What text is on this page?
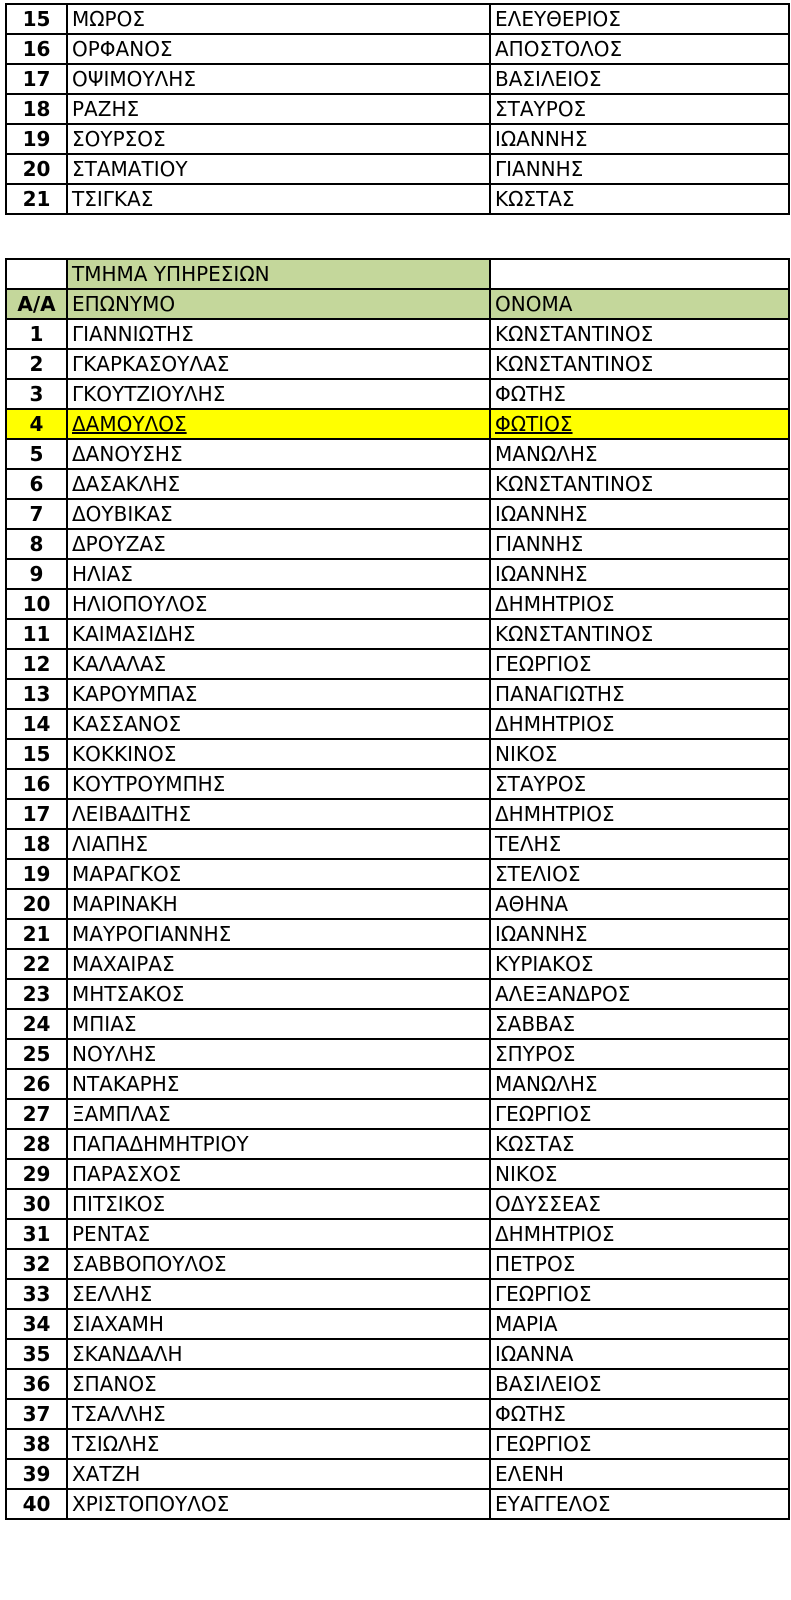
15	ΜΩΡΟΣ	ΕΛΕΥΘΕΡΙΟΣ
16	ΟΡΦΑΝΟΣ	ΑΠΟΣΤΟΛΟΣ
17	ΟΨΙΜΟΥΛΗΣ	ΒΑΣΙΛΕΙΟΣ
18	ΡΑΖΗΣ	ΣΤΑΥΡΟΣ
19	ΣΟΥΡΣΟΣ	ΙΩΑΝΝΗΣ
20	ΣΤΑΜΑΤΙΟΥ	ΓΙΑΝΝΗΣ
21	ΤΣΙΓΚΑΣ	ΚΩΣΤΑΣ
	ΤΜΗΜΑ ΥΠΗΡΕΣΙΩΝ	
Α/Α	ΕΠΩΝΥΜΟ	ΟΝΟΜΑ
1	ΓΙΑΝΝΙΩΤΗΣ	ΚΩΝΣΤΑΝΤΙΝΟΣ
2	ΓΚΑΡΚΑΣΟΥΛΑΣ	ΚΩΝΣΤΑΝΤΙΝΟΣ
3	ΓΚΟΥΤΖΙΟΥΛΗΣ	ΦΩΤΗΣ
4	ΔΑΜΟΥΛΟΣ	ΦΩΤΙΟΣ
5	ΔΑΝΟΥΣΗΣ	ΜΑΝΩΛΗΣ
6	ΔΑΣΑΚΛΗΣ	ΚΩΝΣΤΑΝΤΙΝΟΣ
7	ΔΟΥΒΙΚΑΣ	ΙΩΑΝΝΗΣ
8	ΔΡΟΥΖΑΣ	ΓΙΑΝΝΗΣ
9	ΗΛΙΑΣ	ΙΩΑΝΝΗΣ
10	ΗΛΙΟΠΟΥΛΟΣ	ΔΗΜΗΤΡΙΟΣ
11	ΚΑΙΜΑΣΙΔΗΣ	ΚΩΝΣΤΑΝΤΙΝΟΣ
12	ΚΑΛΑΛΑΣ	ΓΕΩΡΓΙΟΣ
13	ΚΑΡΟΥΜΠΑΣ	ΠΑΝΑΓΙΩΤΗΣ
14	ΚΑΣΣΑΝΟΣ	ΔΗΜΗΤΡΙΟΣ
15	ΚΟΚΚΙΝΟΣ	ΝΙΚΟΣ
16	ΚΟΥΤΡΟΥΜΠΗΣ	ΣΤΑΥΡΟΣ
17	ΛΕΙΒΑΔΙΤΗΣ	ΔΗΜΗΤΡΙΟΣ
18	ΛΙΑΠΗΣ	ΤΕΛΗΣ
19	ΜΑΡΑΓΚΟΣ	ΣΤΕΛΙΟΣ
20	ΜΑΡΙΝΑΚΗ	ΑΘΗΝΑ
21	ΜΑΥΡΟΓΙΑΝΝΗΣ	ΙΩΑΝΝΗΣ
22	ΜΑΧΑΙΡΑΣ	ΚΥΡΙΑΚΟΣ
23	ΜΗΤΣΑΚΟΣ	ΑΛΕΞΑΝΔΡΟΣ
24	ΜΠΙΑΣ	ΣΑΒΒΑΣ
25	ΝΟΥΛΗΣ	ΣΠΥΡΟΣ
26	ΝΤΑΚΑΡΗΣ	ΜΑΝΩΛΗΣ
27	ΞΑΜΠΛΑΣ	ΓΕΩΡΓΙΟΣ
28	ΠΑΠΑΔΗΜΗΤΡΙΟΥ	ΚΩΣΤΑΣ
29	ΠΑΡΑΣΧΟΣ	ΝΙΚΟΣ
30	ΠΙΤΣΙΚΟΣ	ΟΔΥΣΣΕΑΣ
31	ΡΕΝΤΑΣ	ΔΗΜΗΤΡΙΟΣ
32	ΣΑΒΒΟΠΟΥΛΟΣ	ΠΕΤΡΟΣ
33	ΣΕΛΛΗΣ	ΓΕΩΡΓΙΟΣ
34	ΣΙΑΧΑΜΗ	ΜΑΡΙΑ
35	ΣΚΑΝΔΑΛΗ	ΙΩΑΝΝΑ
36	ΣΠΑΝΟΣ	ΒΑΣΙΛΕΙΟΣ
37	ΤΣΑΛΛΗΣ	ΦΩΤΗΣ
38	ΤΣΙΩΛΗΣ	ΓΕΩΡΓΙΟΣ
39	ΧΑΤΖΗ	ΕΛΕΝΗ
40	ΧΡΙΣΤΟΠΟΥΛΟΣ	ΕΥΑΓΓΕΛΟΣ
